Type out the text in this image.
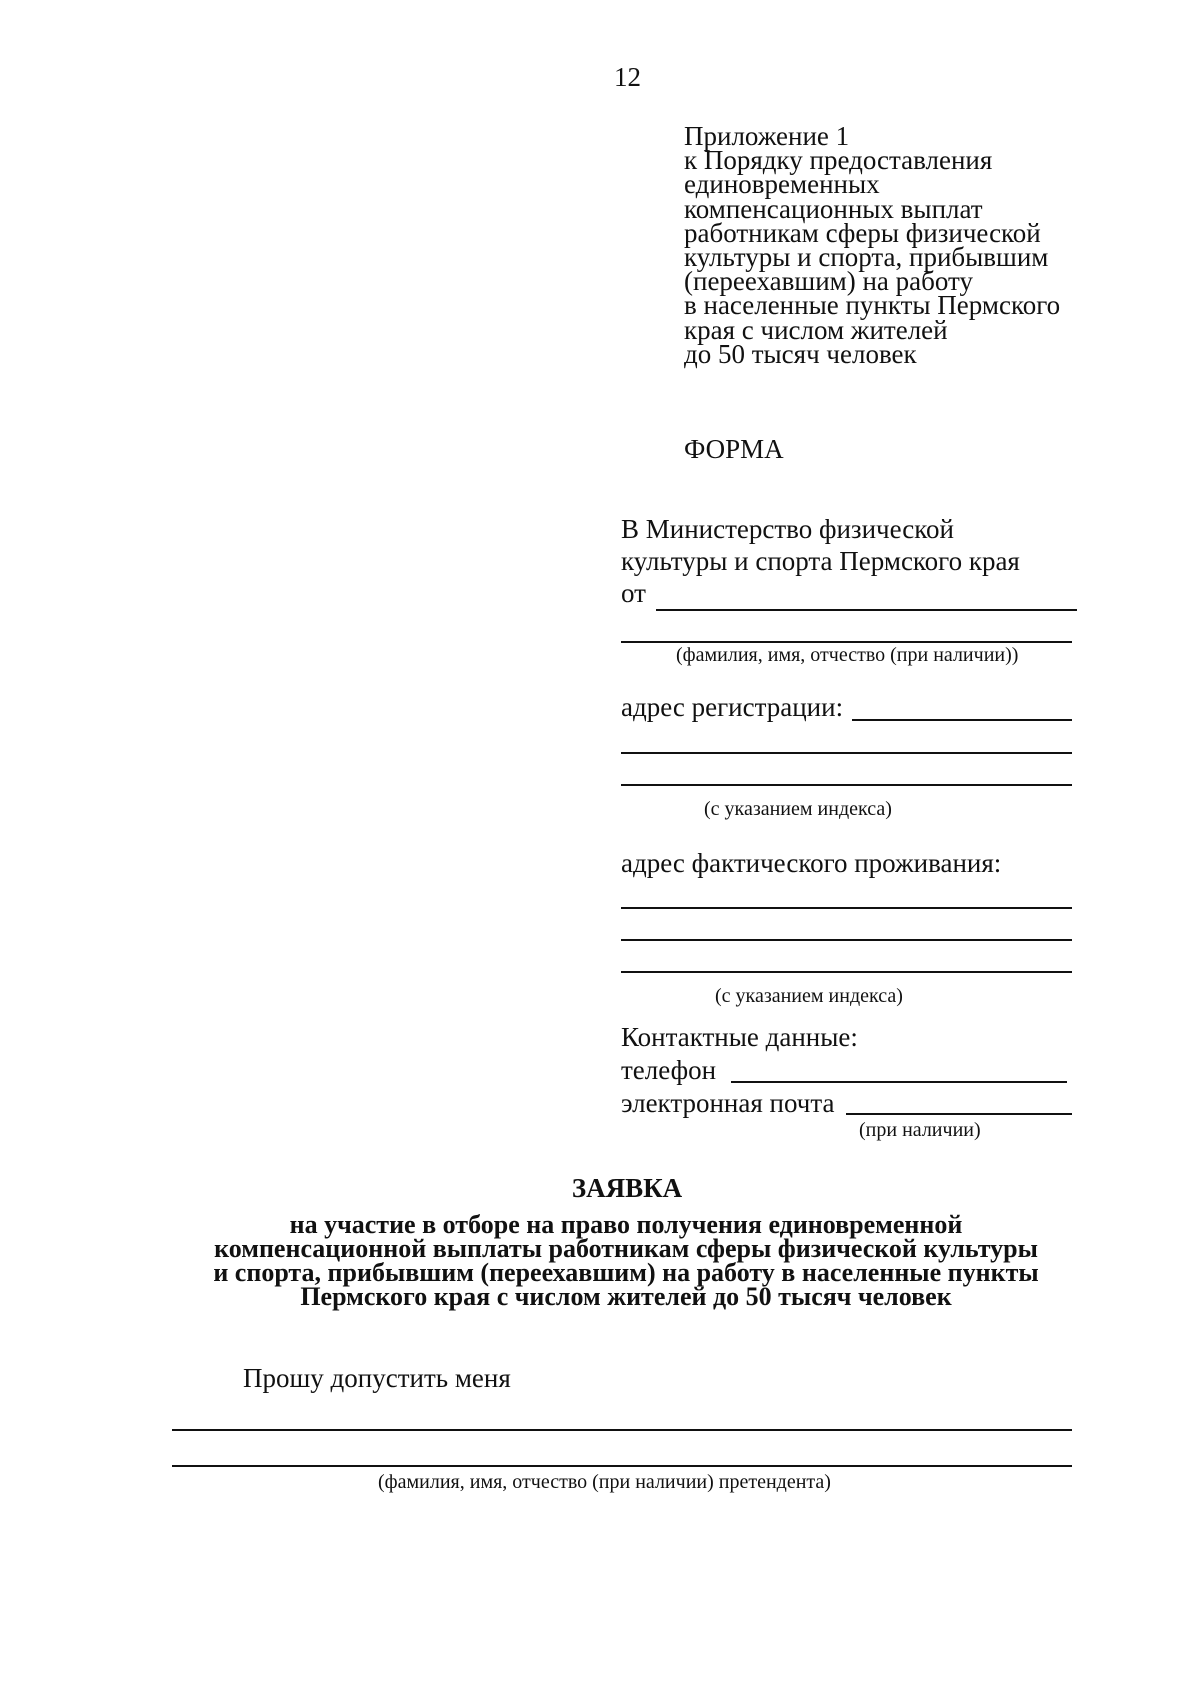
12
Приложение 1
к Порядку предоставления
единовременных
компенсационных выплат
работникам сферы физической
культуры и спорта, прибывшим
(переехавшим) на работу
в населенные пункты Пермского
края с числом жителей
до 50 тысяч человек
ФОРМА
В Министерство физической
культуры и спорта Пермского края
от
(фамилия, имя, отчество (при наличии))
адрес регистрации:
(с указанием индекса)
адрес фактического проживания:
(с указанием индекса)
Контактные данные:
телефон
электронная почта
(при наличии)
ЗАЯВКА
на участие в отборе на право получения единовременной
компенсационной выплаты работникам сферы физической культуры
и спорта, прибывшим (переехавшим) на работу в населенные пункты
Пермского края с числом жителей до 50 тысяч человек
Прошу допустить меня
(фамилия, имя, отчество (при наличии) претендента)
